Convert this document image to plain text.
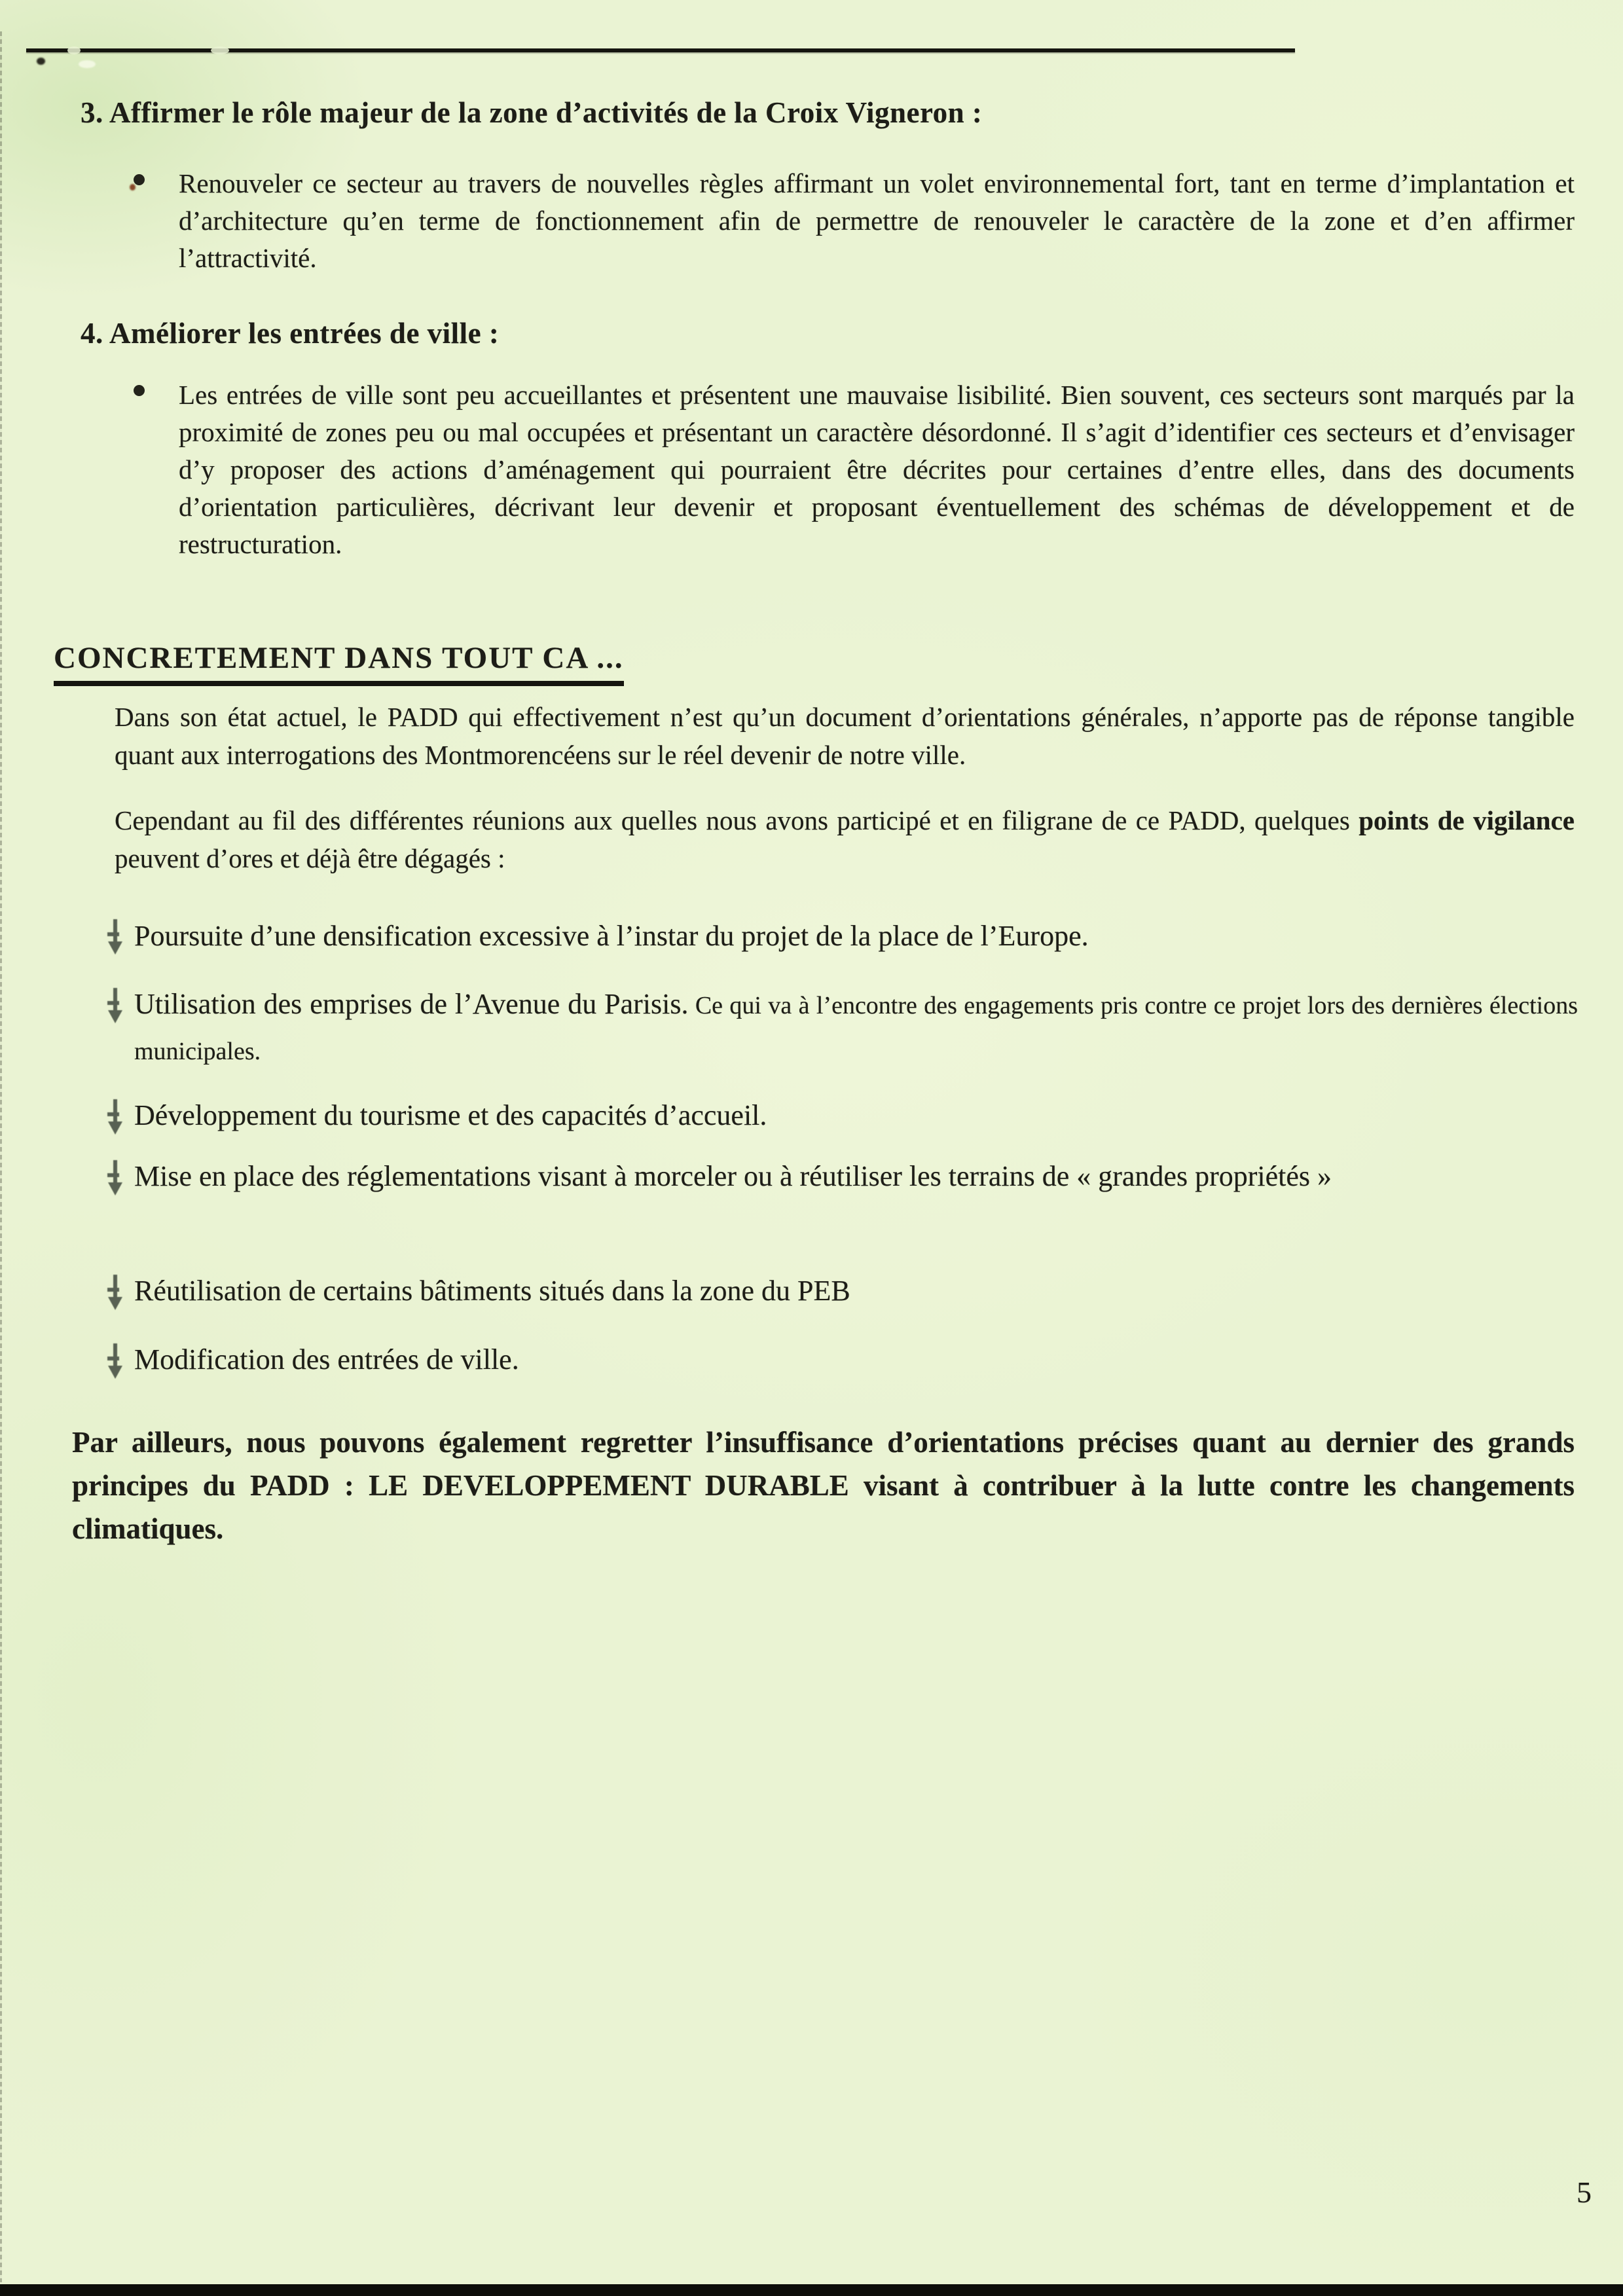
3. Affirmer le rôle majeur de la zone d’activités de la Croix Vigneron :

Renouveler ce secteur au travers de nouvelles règles affirmant un volet environnemental fort, tant en terme d’implantation et d’architecture qu’en terme de fonctionnement afin de permettre de renouveler le caractère de la zone et d’en affirmer l’attractivité.

4. Améliorer les entrées de ville :

Les entrées de ville sont peu accueillantes et présentent une mauvaise lisibilité. Bien souvent, ces secteurs sont marqués par la proximité de zones peu ou mal occupées et présentant un caractère désordonné. Il s’agit d’identifier ces secteurs et d’envisager d’y proposer des actions d’aménagement qui pourraient être décrites pour certaines d’entre elles, dans des documents d’orientation particulières, décrivant leur devenir et proposant éventuellement des schémas de développement et de restructuration.

CONCRETEMENT DANS TOUT CA ...

Dans son état actuel, le PADD qui effectivement n’est qu’un document d’orientations générales, n’apporte pas de réponse tangible quant aux interrogations des Montmorencéens sur le réel devenir de notre ville.

Cependant au fil des différentes réunions aux quelles nous avons participé et en filigrane de ce PADD, quelques points de vigilance peuvent d’ores et déjà être dégagés :

Poursuite d’une densification excessive à l’instar du projet de la place de l’Europe.

Utilisation des emprises de l’Avenue du Parisis. Ce qui va à l’encontre des engagements pris contre ce projet lors des dernières élections municipales.

Développement du tourisme et des capacités d’accueil.

Mise en place des réglementations visant à morceler ou à réutiliser les terrains de « grandes propriétés »

Réutilisation de certains bâtiments situés dans la zone du PEB

Modification des entrées de ville.

Par ailleurs, nous pouvons également regretter l’insuffisance d’orientations précises quant au dernier des grands principes du PADD : LE DEVELOPPEMENT DURABLE visant à contribuer à la lutte contre les changements climatiques.

5
